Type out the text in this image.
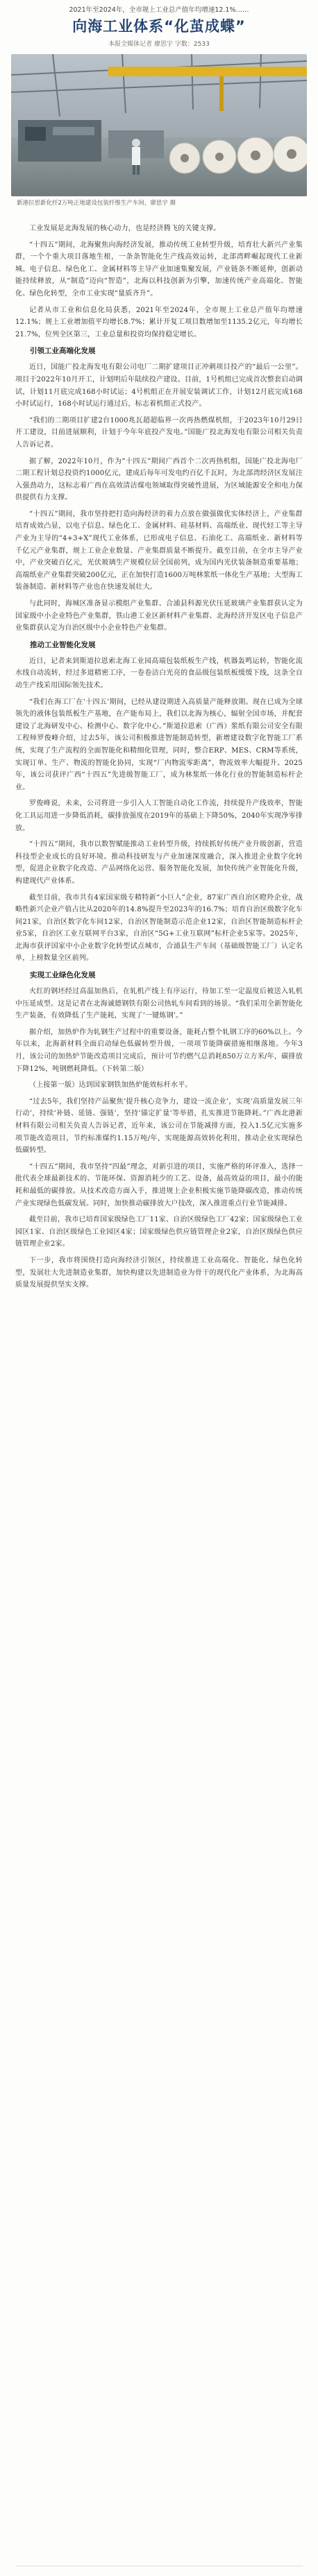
2021年至2024年，全市规上工业总产值年均增速12.1%……
向海工业体系“化茧成蝶”
本报全媒体记者 廖思宇 字数：2533
新港拉思新化纤2万吨正地建设包装纤维生产车间，廖思宇 摄

工业发展是北海发展的核心动力，也是经济腾飞的关键支撑。

“十四五”期间，北海聚焦向海经济发展，推动传统工业转型升级，培育壮大新兴产业集群，一个个重大项目落地生根，一条条智能化生产线高效运转，北部湾畔崛起现代工业新城。电子信息、绿色化工、金属材料等主导产业加速集聚发展，产业链条不断延伸，创新动能持续释放，从“制造”迈向“智造”，北海以科技创新为引擎，加速传统产业高端化、智能化、绿色化转型，全市工业实现“量质齐升”。

记者从市工业和信息化局获悉，2021年至2024年，全市规上工业总产值年均增速12.1%；规上工业增加值平均增长8.7%；累计开复工项目数增加至1135.2亿元，年均增长21.7%，位列全区第三，工业总量和投资均保持稳定增长。

引领工业高端化发展

近日，国能广投北海发电有限公司电厂二期扩建项目正冲刺项目投产的“最后一公里”。项目于2022年10月开工，计划明后年陆续投产建设。目前，1号机组已完成首次整套启动调试，计划11月底完成168小时试运；4号机组正在开展安装调试工作，计划12月底完成168小时试运行，168小时试运行通过后，标志着机组正式投产。

“我们的二期项目扩建2台1000兆瓦超超临界一次再热燃煤机组，于2023年10月29日开工建设，目前进展顺利，计划于今年年底投产发电。”国能广投北海发电有限公司相关负责人告诉记者。

据了解，2022年10月，作为“十四五”期间广西首个二次再热机组，国能广投北海电厂二期工程计划总投资约1000亿元，建成后每年可发电约百亿千瓦时，为北部湾经济区发展注入强劲动力，这标志着广西在高效清洁煤电领域取得突破性进展，为区域能源安全和电力保供提供有力支撑。

“十四五”期间，我市坚持把打造向海经济的着力点放在做强做优实体经济上，产业集群培育成效凸显，以电子信息、绿色化工、金属材料、硅基材料、高端纸业、现代轻工等主导产业为主导的“4+3+X”现代工业体系，已形成电子信息、石油化工、高端纸业、新材料等千亿元产业集群，规上工业企业数量、产业集群质量不断提升。截至目前，在全市主导产业中，产业突破百亿元，光伏玻璃生产规模位居全国前列，成为国内光伏装备制造重要基地；高端纸业产业集群突破200亿元，正在加快打造1600万吨林浆纸一体化生产基地；大型海工装备制造、新材料等产业也在快速发展壮大。

与此同时，海城区准备显示模组产业集群、合浦县科源光伏压延玻璃产业集群获认定为国家级中小企业特色产业集群，铁山港工业区新材料产业集群、北海经济开发区电子信息产业集群获认定为自治区级中小企业特色产业集群。

推动工业智能化发展

近日，记者来到斯道拉恩索北海工业园高端包装纸板生产线，机器轰鸣运转，智能化流水线自动流转，经过多道精密工序，一卷卷洁白光亮的食品级包装纸板缓缓下线，这条全自动生产线采用国际领先技术。

“我们在海工厂在‘十四五’期间，已经从建设期进入高质量产能释放期。现在已成为全球领先的液体包装纸板生产基地，在产能布局上，我们以北海为核心，辐射全国市场，并配套建设了北海研发中心、检测中心、数字化中心。”斯道拉恩索（广西）浆纸有限公司安全有限工程师罗俊峰介绍，过去5年，该公司积极推进智能制造转型，新增建设数字化智能工厂系统，实现了生产流程的全面智能化和精细化管理，同时，整合ERP、MES、CRM等系统，实现订单、生产、物流的智能化协同，实现“厂内物流零距离”，物流效率大幅提升。2025年，该公司获评广西“十四五”先进级智能工厂，成为林浆纸一体化行业的智能制造标杆企业。

罗俊峰说，未来，公司将进一步引入人工智能自动化工作流，持续提升产线效率，智能化工具运用进一步降低消耗，碳排放强度在2019年的基础上下降50%，2040年实现净零排放。

“十四五”期间，我市以数智赋能推动工业转型升级，持续抓好传统产业升级创新，营造科技型企业成长的良好环境。推动科技研发与产业加速深度融合，深入推进企业数字化转型，促进企业数字化改造、产品网络化运营、服务智能化发展，加快传统产业智能化升级，构建现代产业体系。

截至目前，我市共有4家国家级专精特新“小巨人”企业，87家广西自治区瞪羚企业，战略性新兴企业产值占比从2020年的14.8%提升至2023年的16.7%；培育自治区级数字化车间21家，自治区数字化车间12家，自治区智能制造示范企业12家，自治区智能制造标杆企业5家，自治区工业互联网平台3家，自治区“5G+工业互联网”标杆企业5家等。2025年，北海市获评国家中小企业数字化转型试点城市，合浦县生产车间（基础级智能工厂）认定名单，上榜数量全区前列。

实现工业绿色化发展

火红的钢坯经过高温加热后，在轧机产线上有序运行，待加工至一定温度后被送入轧机中压延成型。这是记者在北海诚德钢铁有限公司热轧车间看到的场景。“我们采用全新智能化生产装备，有效降低了生产能耗，实现了‘一键炼钢’。”

据介绍，加热炉作为轧钢生产过程中的重要设备，能耗占整个轧钢工序的60%以上。今年以来，北海新材料全面启动绿色低碳转型升级，一项项节能降碳措施相继落地。今年3月，该公司的加热炉节能改造项目完成后，预计可节约燃气总消耗850万立方米/年，碳排放下降12%，吨钢燃耗降低。（下转第二版）

（上接第一版）达到国家钢铁加热炉能效标杆水平。

“过去5年，我们坚持产品聚焦‘提升核心竞争力，建设一流企业’，实现‘高质量发展三年行动’，持续‘补链、延链、强链’，坚持‘锚定扩量’等举措，扎实推进节能降耗。”广西北港新材料有限公司相关负责人告诉记者，近年来，该公司在节能减排方面，投入1.5亿元实施多项节能改造项目，节约标准煤约1.15万吨/年，实现能源高效转化利用，推动企业实现绿色低碳转型。

“十四五”期间，我市坚持“四最”理念，对新引进的项目，实施严格的环评准入，选择一批代表全球最新技术的、节能环保、资源消耗少的工艺、设备，最高效益的项目，最小的能耗和最低的碳排放。从技术改造方面入手，推进规上企业积极实施节能降碳改造，推动传统产业实现绿色低碳发展。同时，加快推动碳排放大户技改，深入推进重点行业节能减排。

截至目前，我市已培育国家级绿色工厂11家、自治区级绿色工厂42家；国家级绿色工业园区1家、自治区级绿色工业园区4家；国家级绿色供应链管理企业2家，自治区级绿色供应链管理企业2家。

下一步，我市将围绕打造向海经济引领区，持续推进工业高端化、智能化、绿色化转型，发展壮大先进制造业集群，加快构建以先进制造业为骨干的现代化产业体系，为北海高质量发展提供坚实支撑。
